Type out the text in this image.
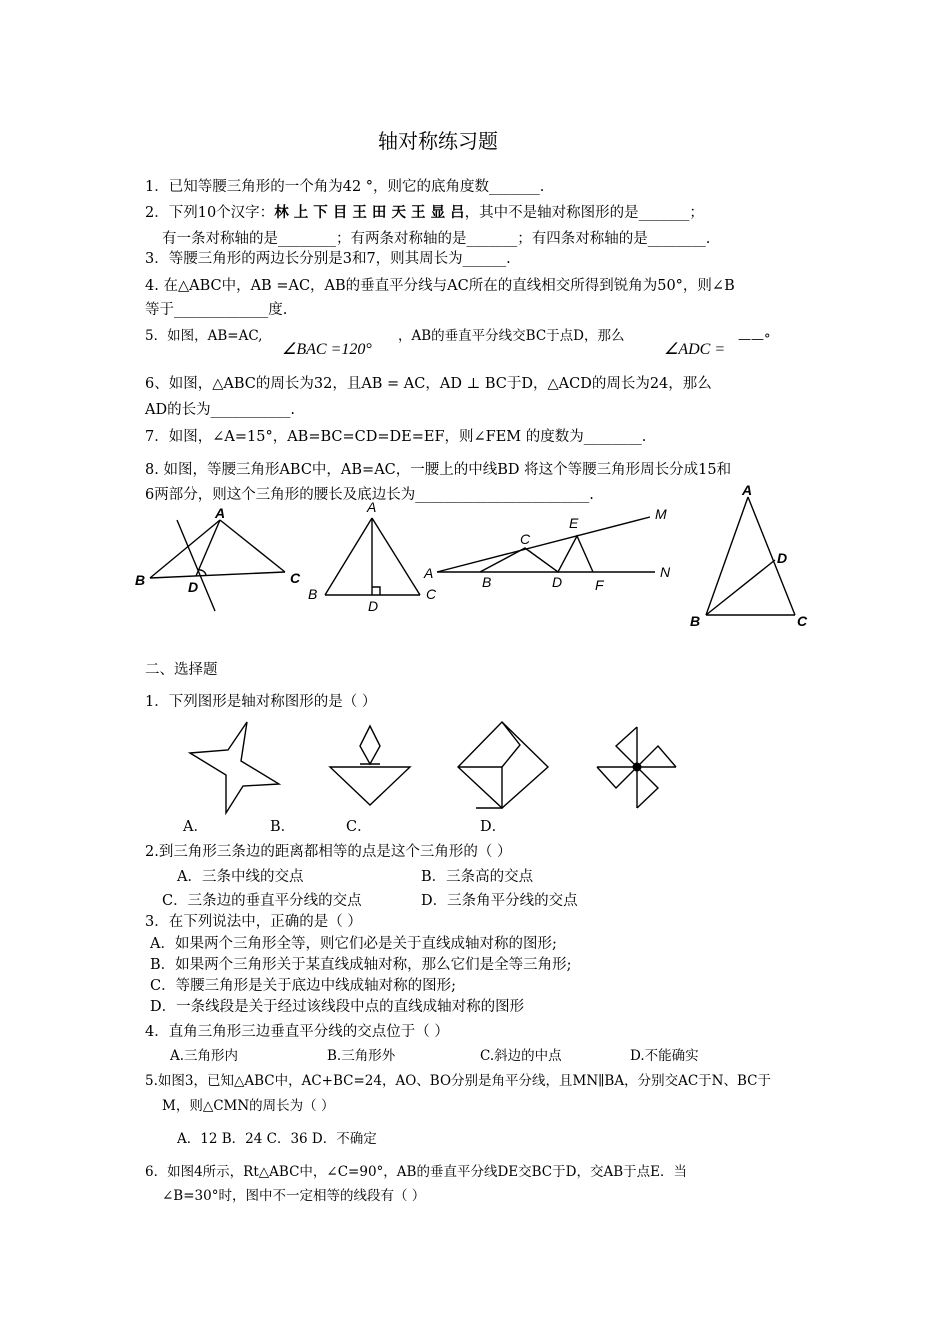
轴对称练习题
1．已知等腰三角形的一个角为42 °，则它的底角度数_______.
2．下列10个汉字：林 上 下 目 王 田 天 王 显 吕，其中不是轴对称图形的是_______；
有一条对称轴的是________；有两条对称轴的是_______；有四条对称轴的是________.
3．等腰三角形的两边长分别是3和7，则其周长为______.
4. 在△ABC中，AB =AC，AB的垂直平分线与AC所在的直线相交所得到锐角为50°，则∠B
等于_____________度.
5．如图，AB=AC,
∠BAC =120°
，AB的垂直平分线交BC于点D，那么
∠ADC =
——°
6、如图，△ABC的周长为32，且AB = AC，AD ⊥ BC于D，△ACD的周长为24，那么
AD的长为___________.
7．如图，∠A=15°，AB=BC=CD=DE=EF，则∠FEM 的度数为________.
8. 如图，等腰三角形ABC中，AB=AC，一腰上的中线BD 将这个等腰三角形周长分成15和
6两部分，则这个三角形的腰长及底边长为________________________.
A
B	D
C
A
B
D
C
M
E
C
A
B	D F
N
A
D
B	C
二、选择题
1．下列图形是轴对称图形的是（ ）
A．	B．	C．	D．
2.到三角形三条边的距离都相等的点是这个三角形的（ ）
A．三条中线的交点	B．三条高的交点
C．三条边的垂直平分线的交点	D．三条角平分线的交点
3．在下列说法中，正确的是（ ）
A．如果两个三角形全等，则它们必是关于直线成轴对称的图形;
B．如果两个三角形关于某直线成轴对称，那么它们是全等三角形;
C．等腰三角形是关于底边中线成轴对称的图形;
D．一条线段是关于经过该线段中点的直线成轴对称的图形
4．直角三角形三边垂直平分线的交点位于（ ）
A.三角形内	B.三角形外	C.斜边的中点	D.不能确实
5.如图3，已知△ABC中，AC+BC=24，AO、BO分别是角平分线，且MN∥BA，分别交AC于N、BC于
M，则△CMN的周长为（ ）
A．12 B．24 C．36 D．不确定
6．如图4所示，Rt△ABC中，∠C=90°，AB的垂直平分线DE交BC于D，交AB于点E．当
∠B=30°时，图中不一定相等的线段有（ ）
